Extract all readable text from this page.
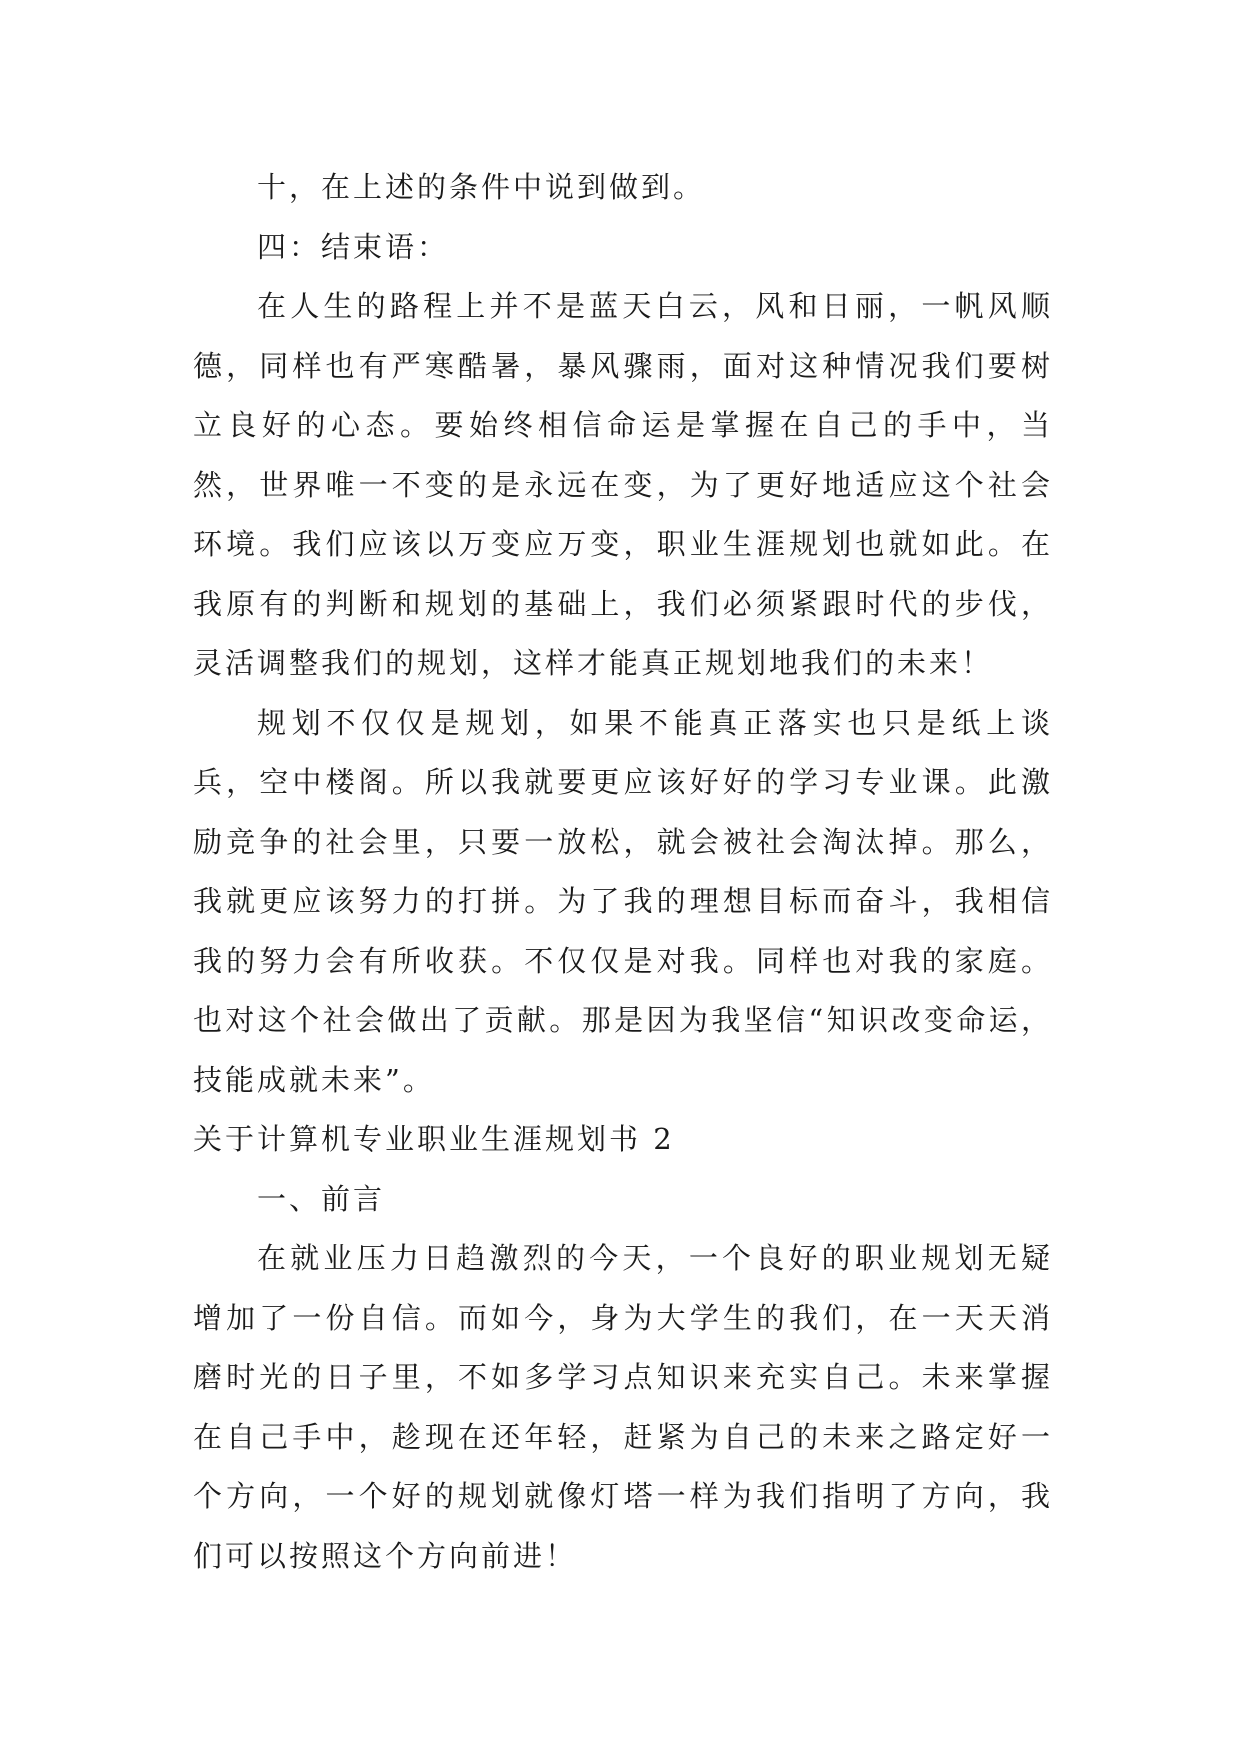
十，在上述的条件中说到做到。

四：结束语：

在人生的路程上并不是蓝天白云，风和日丽，一帆风顺德，同样也有严寒酷暑，暴风骤雨，面对这种情况我们要树立良好的心态。要始终相信命运是掌握在自己的手中，当然，世界唯一不变的是永远在变，为了更好地适应这个社会环境。我们应该以万变应万变，职业生涯规划也就如此。在我原有的判断和规划的基础上，我们必须紧跟时代的步伐，灵活调整我们的规划，这样才能真正规划地我们的未来！

规划不仅仅是规划，如果不能真正落实也只是纸上谈兵，空中楼阁。所以我就要更应该好好的学习专业课。此激励竞争的社会里，只要一放松，就会被社会淘汰掉。那么，我就更应该努力的打拼。为了我的理想目标而奋斗，我相信我的努力会有所收获。不仅仅是对我。同样也对我的家庭。也对这个社会做出了贡献。那是因为我坚信“知识改变命运，技能成就未来”。

关于计算机专业职业生涯规划书 2

一、前言

在就业压力日趋激烈的今天，一个良好的职业规划无疑增加了一份自信。而如今，身为大学生的我们，在一天天消磨时光的日子里，不如多学习点知识来充实自己。未来掌握在自己手中，趁现在还年轻，赶紧为自己的未来之路定好一个方向，一个好的规划就像灯塔一样为我们指明了方向，我们可以按照这个方向前进！
